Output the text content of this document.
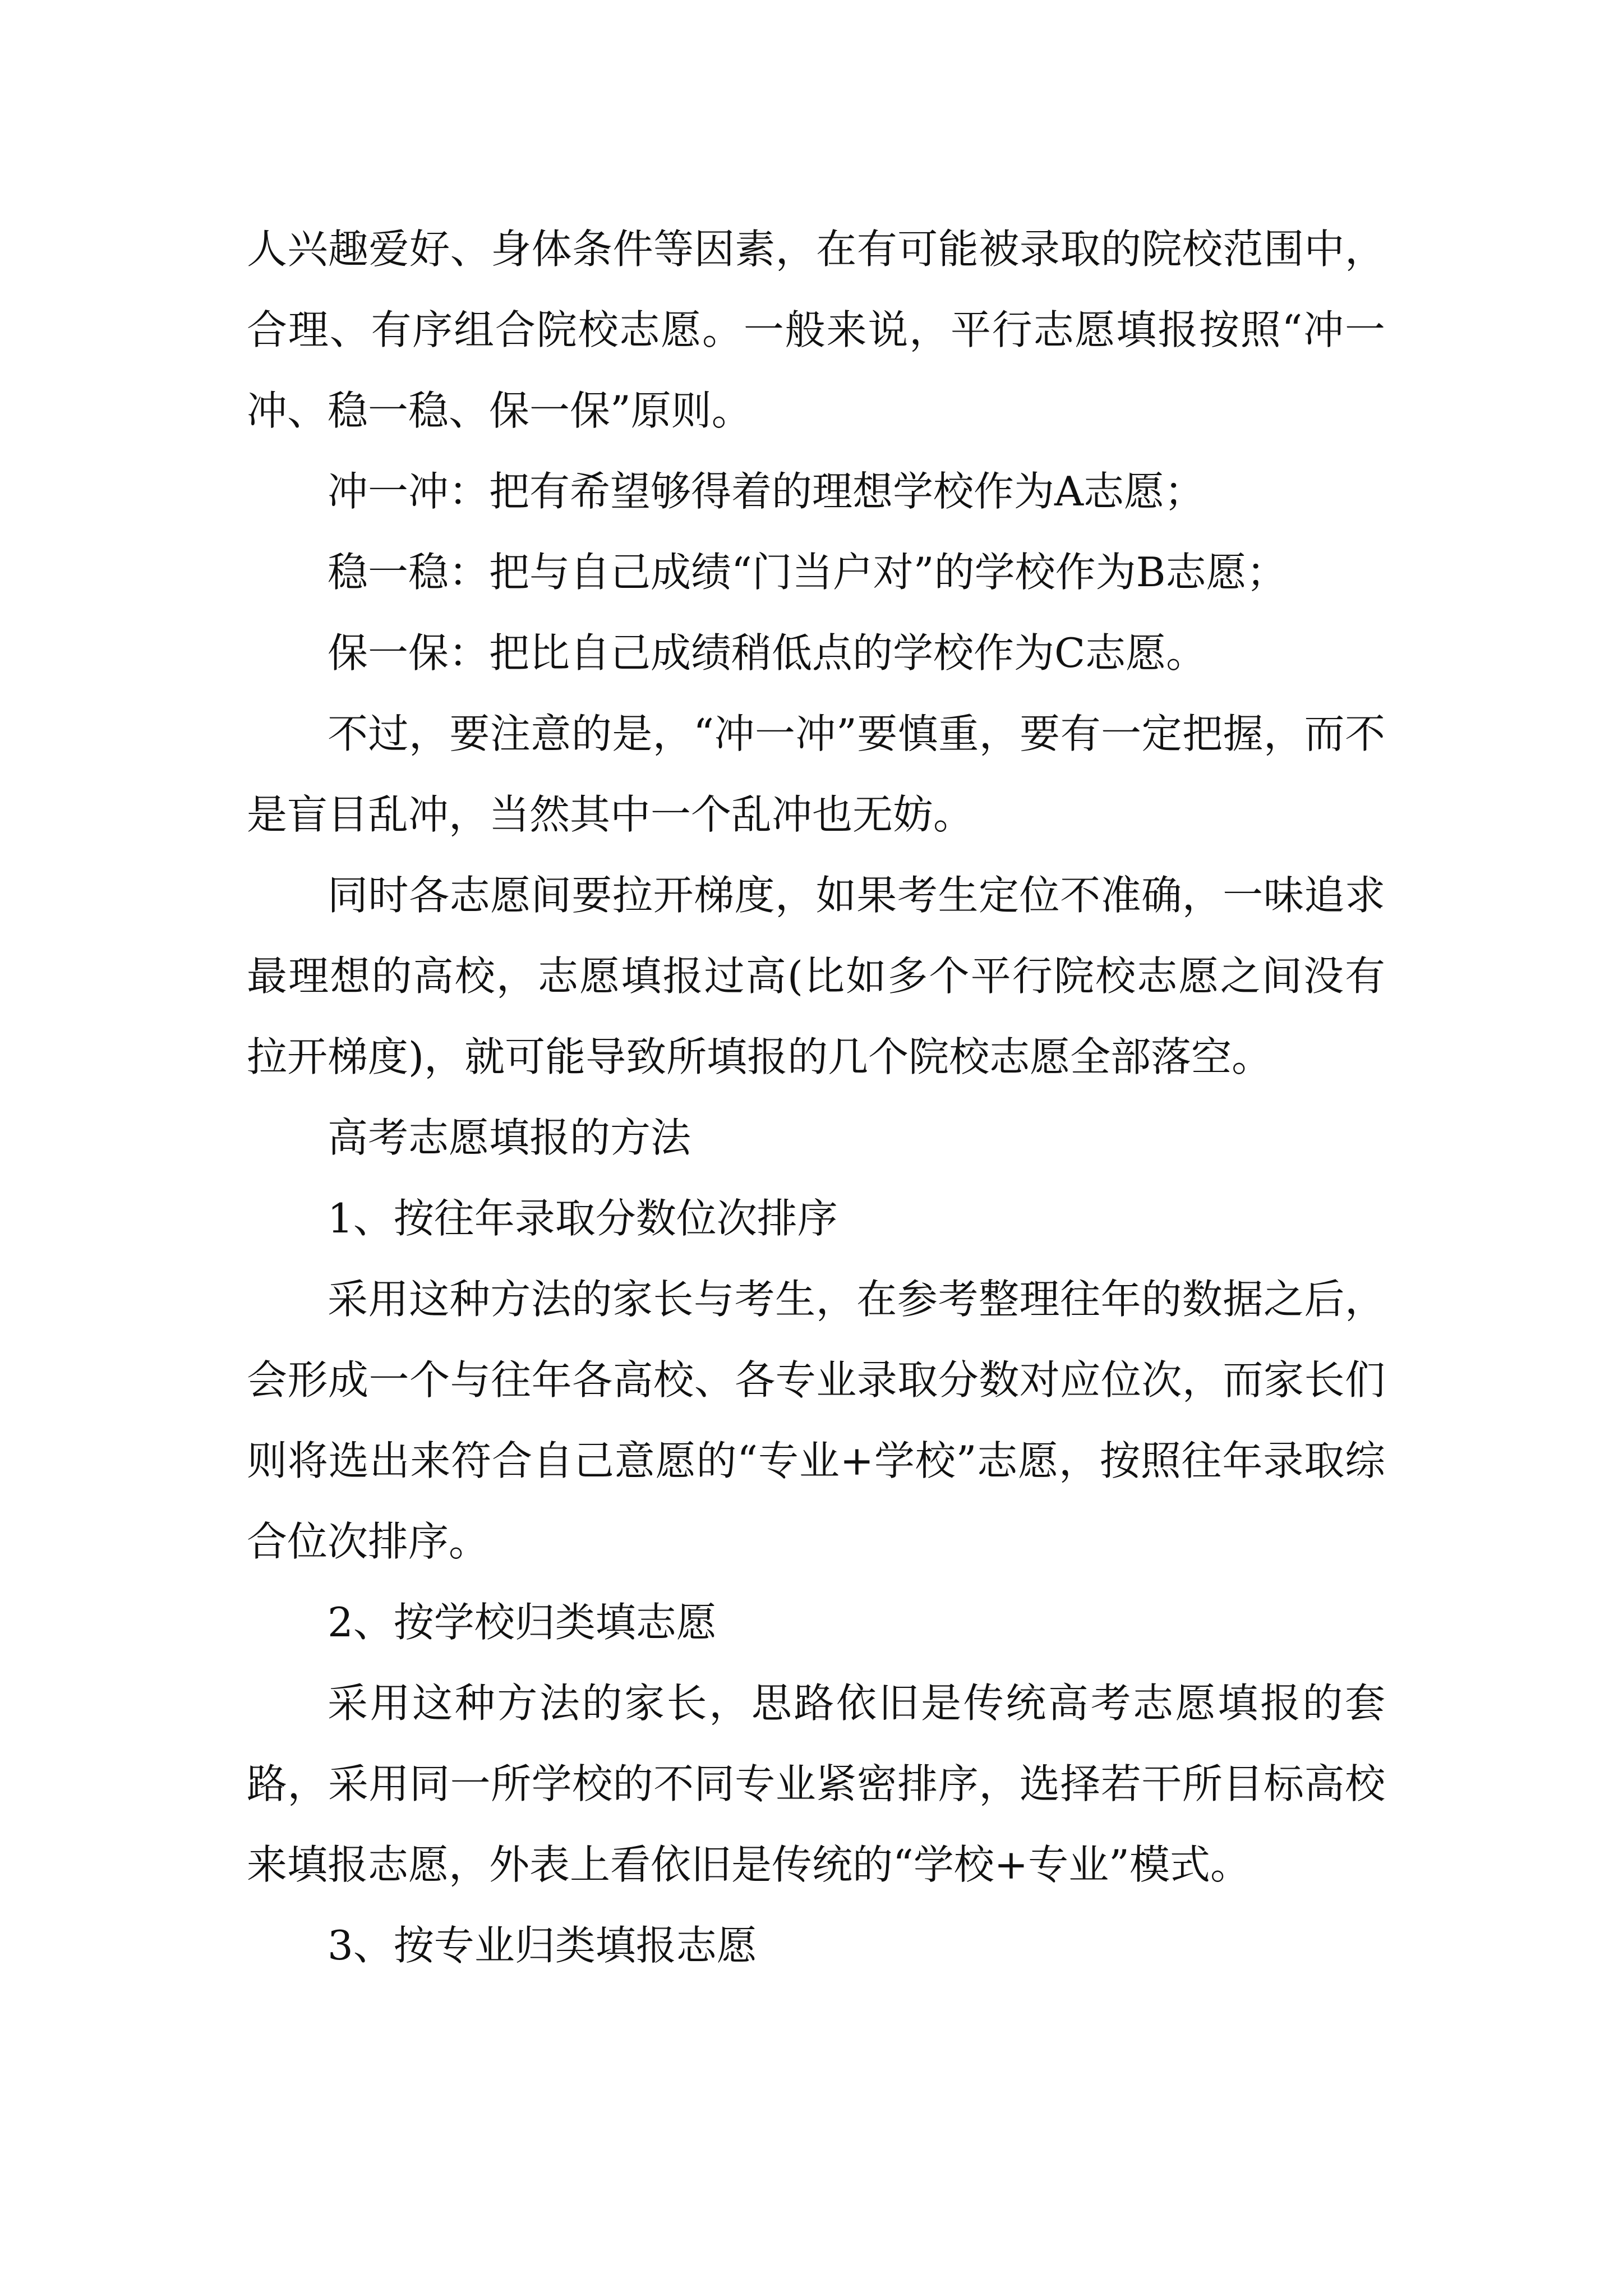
人兴趣爱好、身体条件等因素，在有可能被录取的院校范围中，合理、有序组合院校志愿。一般来说，平行志愿填报按照“冲一冲、稳一稳、保一保”原则。

冲一冲：把有希望够得着的理想学校作为A志愿；

稳一稳：把与自己成绩“门当户对”的学校作为B志愿；

保一保：把比自己成绩稍低点的学校作为C志愿。

不过，要注意的是，“冲一冲”要慎重，要有一定把握，而不是盲目乱冲，当然其中一个乱冲也无妨。

同时各志愿间要拉开梯度，如果考生定位不准确，一味追求最理想的高校，志愿填报过高(比如多个平行院校志愿之间没有拉开梯度)，就可能导致所填报的几个院校志愿全部落空。

高考志愿填报的方法

1、按往年录取分数位次排序

采用这种方法的家长与考生，在参考整理往年的数据之后，会形成一个与往年各高校、各专业录取分数对应位次，而家长们则将选出来符合自己意愿的“专业+学校”志愿，按照往年录取综合位次排序。

2、按学校归类填志愿

采用这种方法的家长，思路依旧是传统高考志愿填报的套路，采用同一所学校的不同专业紧密排序，选择若干所目标高校来填报志愿，外表上看依旧是传统的“学校+专业”模式。

3、按专业归类填报志愿
